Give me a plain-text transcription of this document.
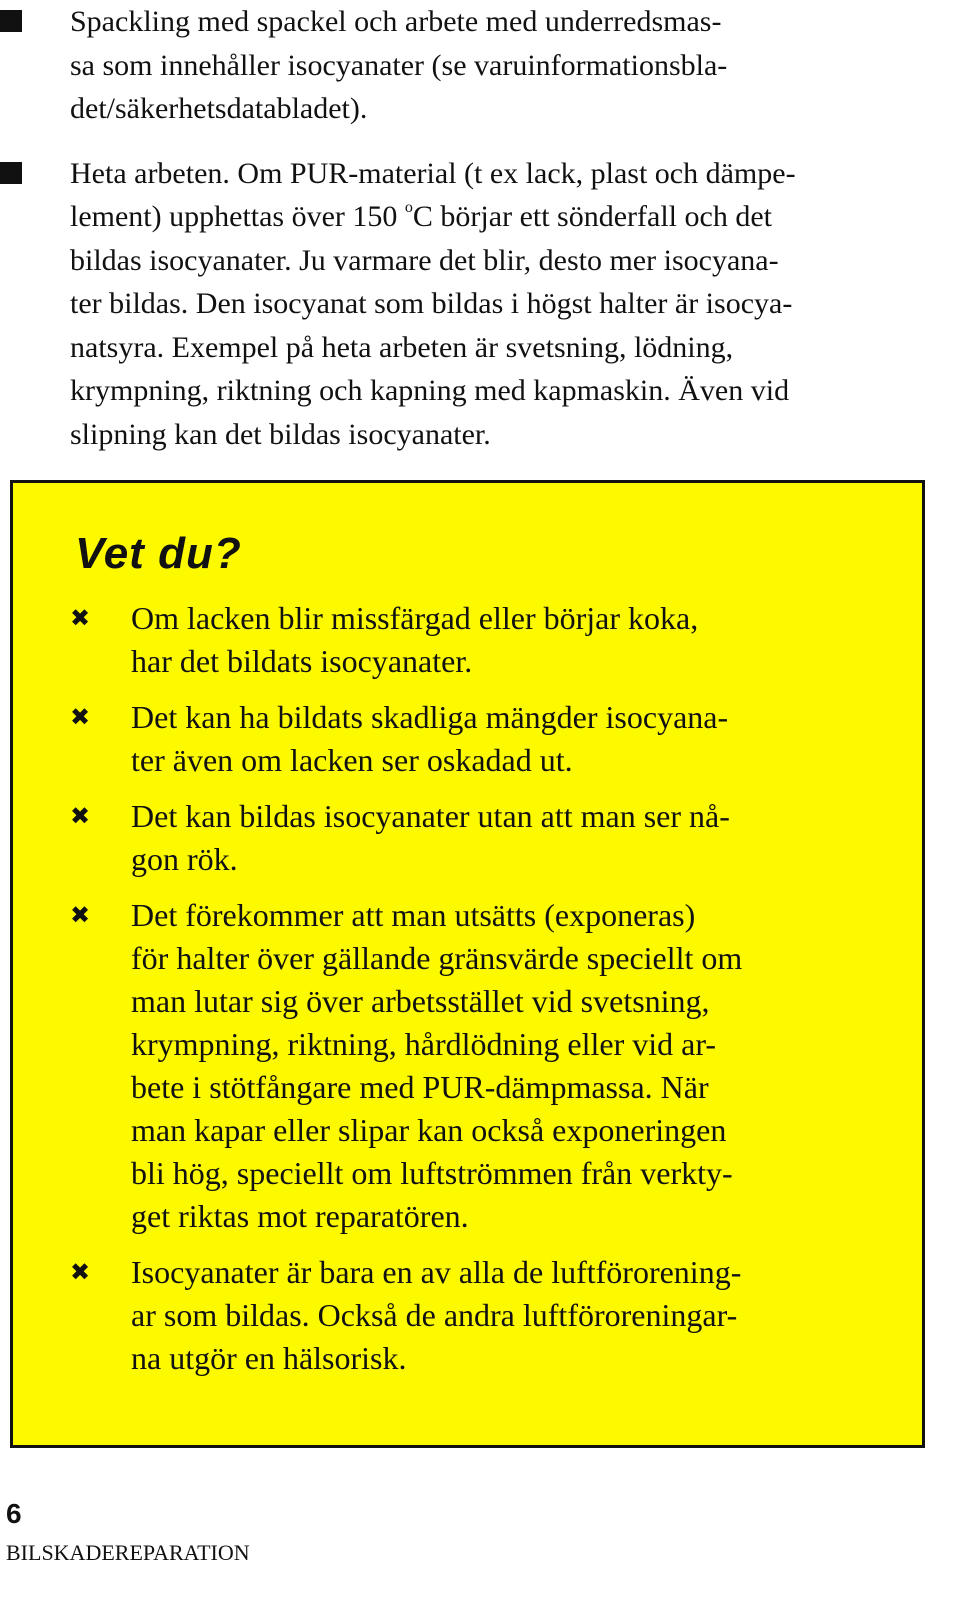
Spackling med spackel och arbete med underredsmas-
sa som innehåller isocyanater (se varuinformationsbla-
det/säkerhetsdatabladet).
Heta arbeten. Om PUR-material (t ex lack, plast och dämpe-
lement) upphettas över 150 $^o$C börjar ett sönderfall och det
bildas isocyanater. Ju varmare det blir, desto mer isocyana-
ter bildas. Den isocyanat som bildas i högst halter är isocya-
natsyra. Exempel på heta arbeten är svetsning, lödning,
krympning, riktning och kapning med kapmaskin. Även vid
slipning kan det bildas isocyanater.
Vet du?
✖ Om lacken blir missfärgad eller börjar koka,
har det bildats isocyanater.
✖ Det kan ha bildats skadliga mängder isocyana-
ter även om lacken ser oskadad ut.
✖ Det kan bildas isocyanater utan att man ser nå-
gon rök.
✖ Det förekommer att man utsätts (exponeras)
för halter över gällande gränsvärde speciellt om
man lutar sig över arbetsstället vid svetsning,
krympning, riktning, hårdlödning eller vid ar-
bete i stötfångare med PUR-dämpmassa. När
man kapar eller slipar kan också exponeringen
bli hög, speciellt om luftströmmen från verkty-
get riktas mot reparatören.
✖ Isocyanater är bara en av alla de luftförorening-
ar som bildas. Också de andra luftföroreningar-
na utgör en hälsorisk.
6
BILSKADEREPARATION
